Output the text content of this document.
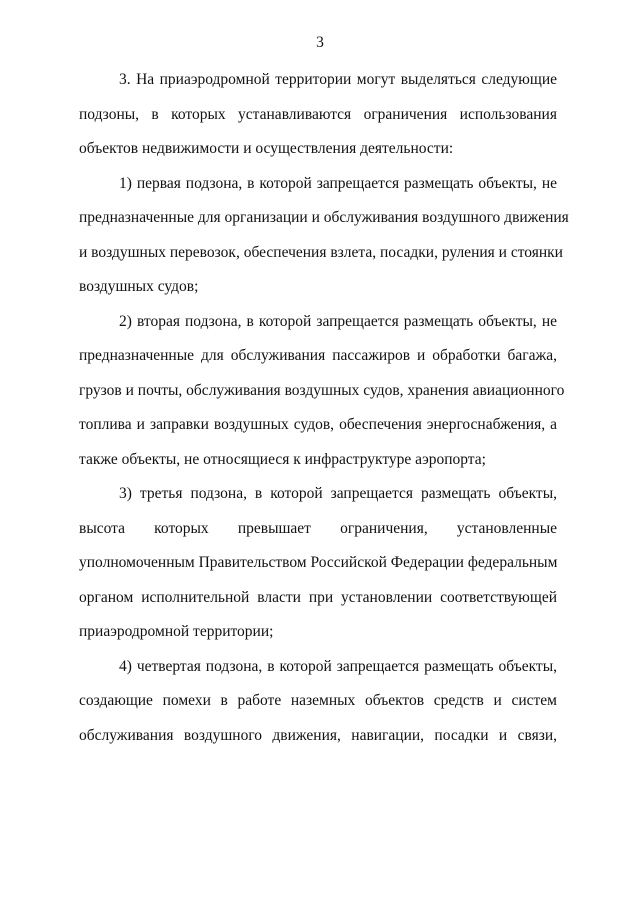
3
3. На приаэродромной территории могут выделяться следующие
подзоны, в которых устанавливаются ограничения использования
объектов недвижимости и осуществления деятельности:
1) первая подзона, в которой запрещается размещать объекты, не
предназначенные для организации и обслуживания воздушного движения
и воздушных перевозок, обеспечения взлета, посадки, руления и стоянки
воздушных судов;
2) вторая подзона, в которой запрещается размещать объекты, не
предназначенные для обслуживания пассажиров и обработки багажа,
грузов и почты, обслуживания воздушных судов, хранения авиационного
топлива и заправки воздушных судов, обеспечения энергоснабжения, а
также объекты, не относящиеся к инфраструктуре аэропорта;
3) третья подзона, в которой запрещается размещать объекты,
высота которых превышает ограничения, установленные
уполномоченным Правительством Российской Федерации федеральным
органом исполнительной власти при установлении соответствующей
приаэродромной территории;
4) четвертая подзона, в которой запрещается размещать объекты,
создающие помехи в работе наземных объектов средств и систем
обслуживания воздушного движения, навигации, посадки и связи,
